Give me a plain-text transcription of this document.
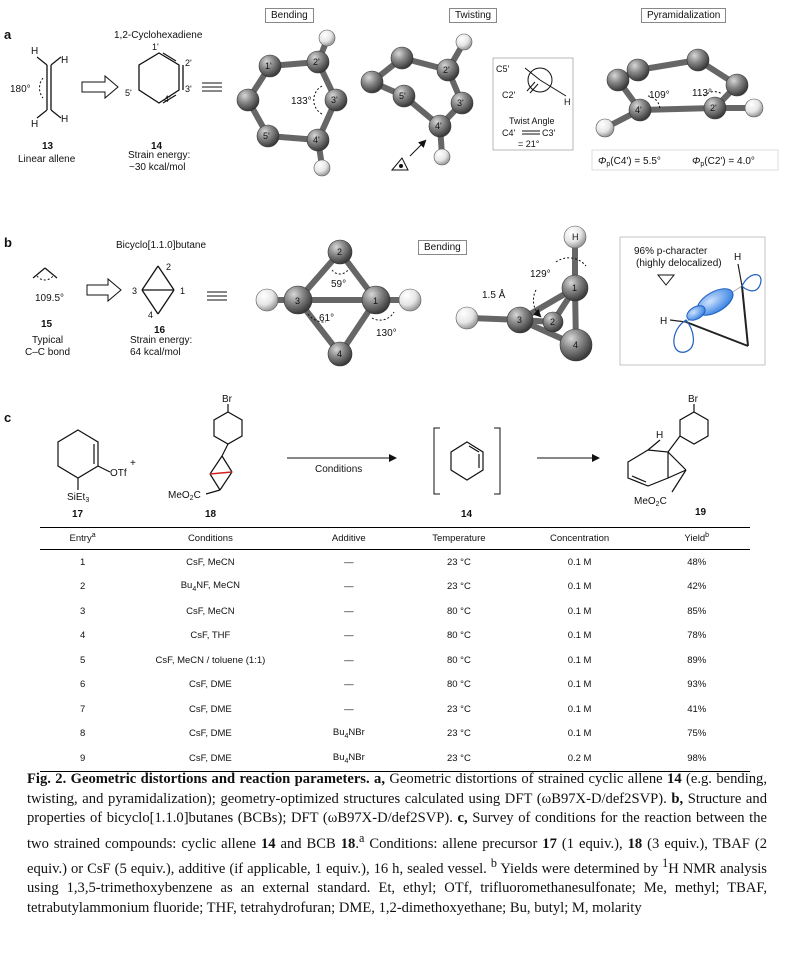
a
b
c
Bending	Twisting	Pyramidalization
Bending
H
H
H H
180°
13
Linear allene
1,2-Cyclohexadiene
1'
2'
3'
4'
5'
14
Strain energy:
~30 kcal/mol
1'	2'
3'
4'
5'
133°
2'
3'
4'
5'
C5'
C2'
H
Twist Angle
C4'	C3'
= 21°
4'	2'
109° 113°
$\Phi_p(C4') = 5.5^\circ$	$\Phi_p(C2') = 4.0^\circ$
109.5°
15
Typical
C–C bond
Bicyclo[1.1.0]butane
2
3	1
4
16
Strain energy:
64 kcal/mol
2
3	1
4
59°
61°
130°
H
1
2
3
4
129°
1.5 Å
96% p-character
(highly delocalized)
H
H
OTf
SiEt$_3$
17
+
Br
MeO$_2$C
18
Conditions
14
Br
H
MeO$_2$C
19
Entry$^a$	Conditions	Additive	Temperature	Concentration	Yield$^b$
1	CsF, MeCN	—	23 °C	0.1 M	48%
2	$Bu_4NF$, MeCN	—	23 °C	0.1 M	42%
3	CsF, MeCN	—	80 °C	0.1 M	85%
4	CsF, THF	—	80 °C	0.1 M	78%
5	CsF, MeCN / toluene (1:1)	—	80 °C	0.1 M	89%
6	CsF, DME	—	80 °C	0.1 M	93%
7	CsF, DME	—	23 °C	0.1 M	41%
8	CsF, DME	$Bu_4NBr$	23 °C	0.1 M	75%
9	CsF, DME	$Bu_4NBr$	23 °C	0.2 M	98%
Fig. 2. Geometric distortions and reaction parameters. a, Geometric distortions of strained cyclic allene 14 (e.g. bending, twisting, and pyramidalization); geometry-optimized structures calculated using DFT (ωB97X-D/def2SVP). b, Structure and properties of bicyclo[1.1.0]butanes (BCBs); DFT (ωB97X-D/def2SVP). c, Survey of conditions for the reaction between the two strained compounds: cyclic allene 14 and BCB 18.$^a$ Conditions: allene precursor 17 (1 equiv.), 18 (3 equiv.), TBAF (2 equiv.) or CsF (5 equiv.), additive (if applicable, 1 equiv.), 16 h, sealed vessel. $^b$ Yields were determined by $^1$H NMR analysis using 1,3,5-trimethoxybenzene as an external standard. Et, ethyl; OTf, trifluoromethanesulfonate; Me, methyl; TBAF, tetrabutylammonium fluoride; THF, tetrahydrofuran; DME, 1,2-dimethoxyethane; Bu, butyl; M, molarity
